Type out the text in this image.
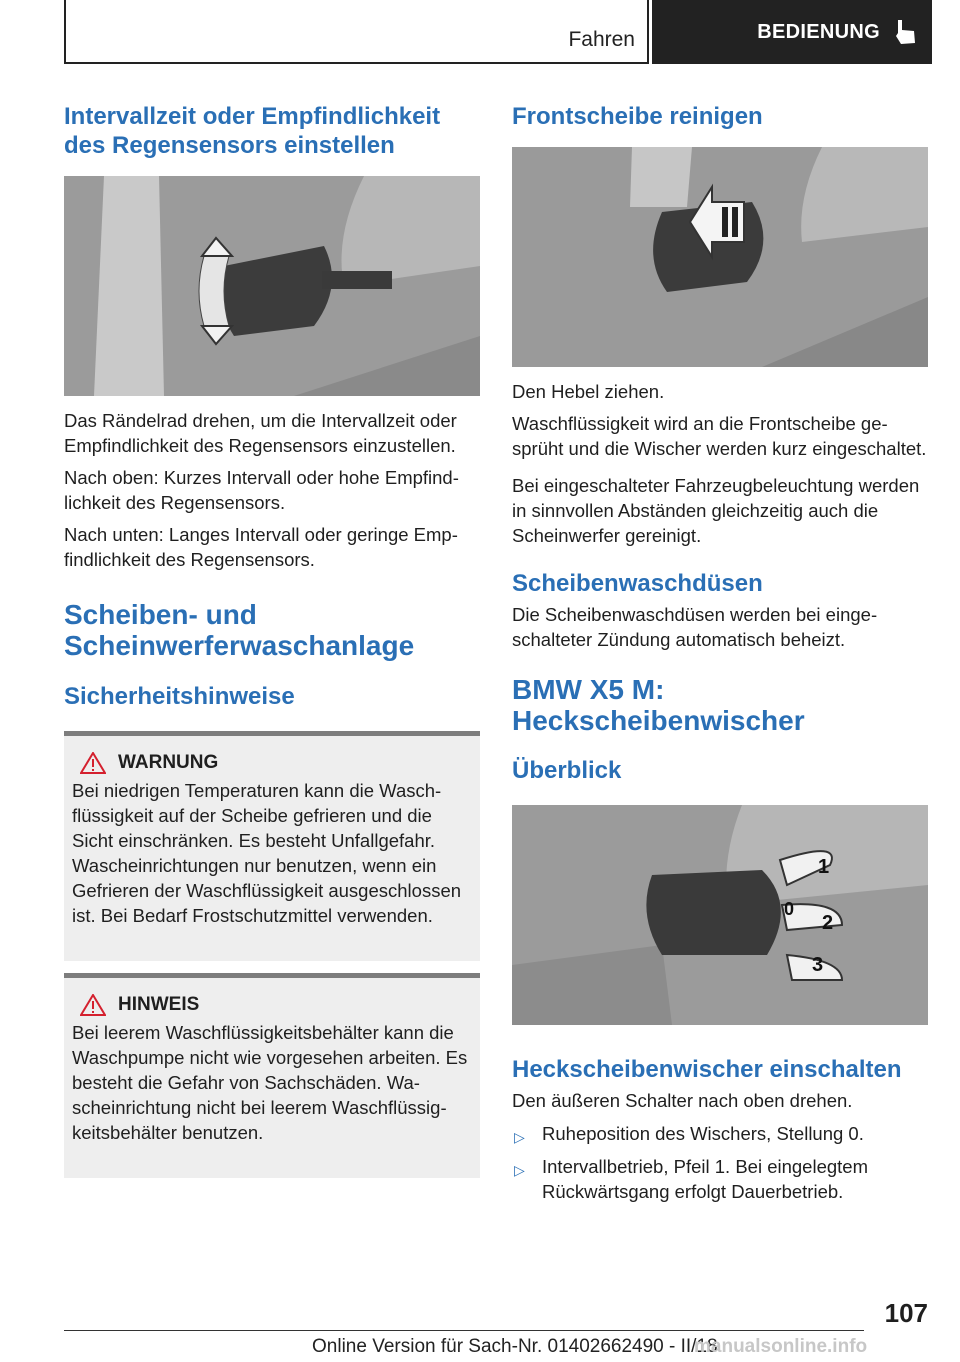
Fahren	BEDIENUNG
Intervallzeit oder Empfindlichkeit des Regensensors einstellen

Das Rändelrad drehen, um die Intervallzeit oder Empfindlichkeit des Regensensors einzustellen.

Nach oben: Kurzes Intervall oder hohe Empfindlichkeit des Regensensors.

Nach unten: Langes Intervall oder geringe Empfindlichkeit des Regensensors.

Scheiben- und Scheinwerferwaschanlage
Sicherheitshinweise
WARNUNG

Bei niedrigen Temperaturen kann die Waschflüssigkeit auf der Scheibe gefrieren und die Sicht einschränken. Es besteht Unfallgefahr. Wascheinrichtungen nur benutzen, wenn ein Gefrieren der Waschflüssigkeit ausgeschlossen ist. Bei Bedarf Frostschutzmittel verwenden.

HINWEIS

Bei leerem Waschflüssigkeitsbehälter kann die Waschpumpe nicht wie vorgesehen arbeiten. Es besteht die Gefahr von Sachschäden. Wascheinrichtung nicht bei leerem Waschflüssigkeitsbehälter benutzen.

Frontscheibe reinigen

Den Hebel ziehen.

Waschflüssigkeit wird an die Frontscheibe gesprüht und die Wischer werden kurz eingeschaltet.

Bei eingeschalteter Fahrzeugbeleuchtung werden in sinnvollen Abständen gleichzeitig auch die Scheinwerfer gereinigt.

Scheibenwaschdüsen

Die Scheibenwaschdüsen werden bei eingeschalteter Zündung automatisch beheizt.

BMW X5 M: Heckscheibenwischer
Überblick
1
0
2
3
Heckscheibenwischer einschalten

Den äußeren Schalter nach oben drehen.

▷ Ruheposition des Wischers, Stellung 0.
▷ Intervallbetrieb, Pfeil 1. Bei eingelegtem Rückwärtsgang erfolgt Dauerbetrieb.
107
Online Version für Sach-Nr. 01402662490 - II/18
manualsonline.info
